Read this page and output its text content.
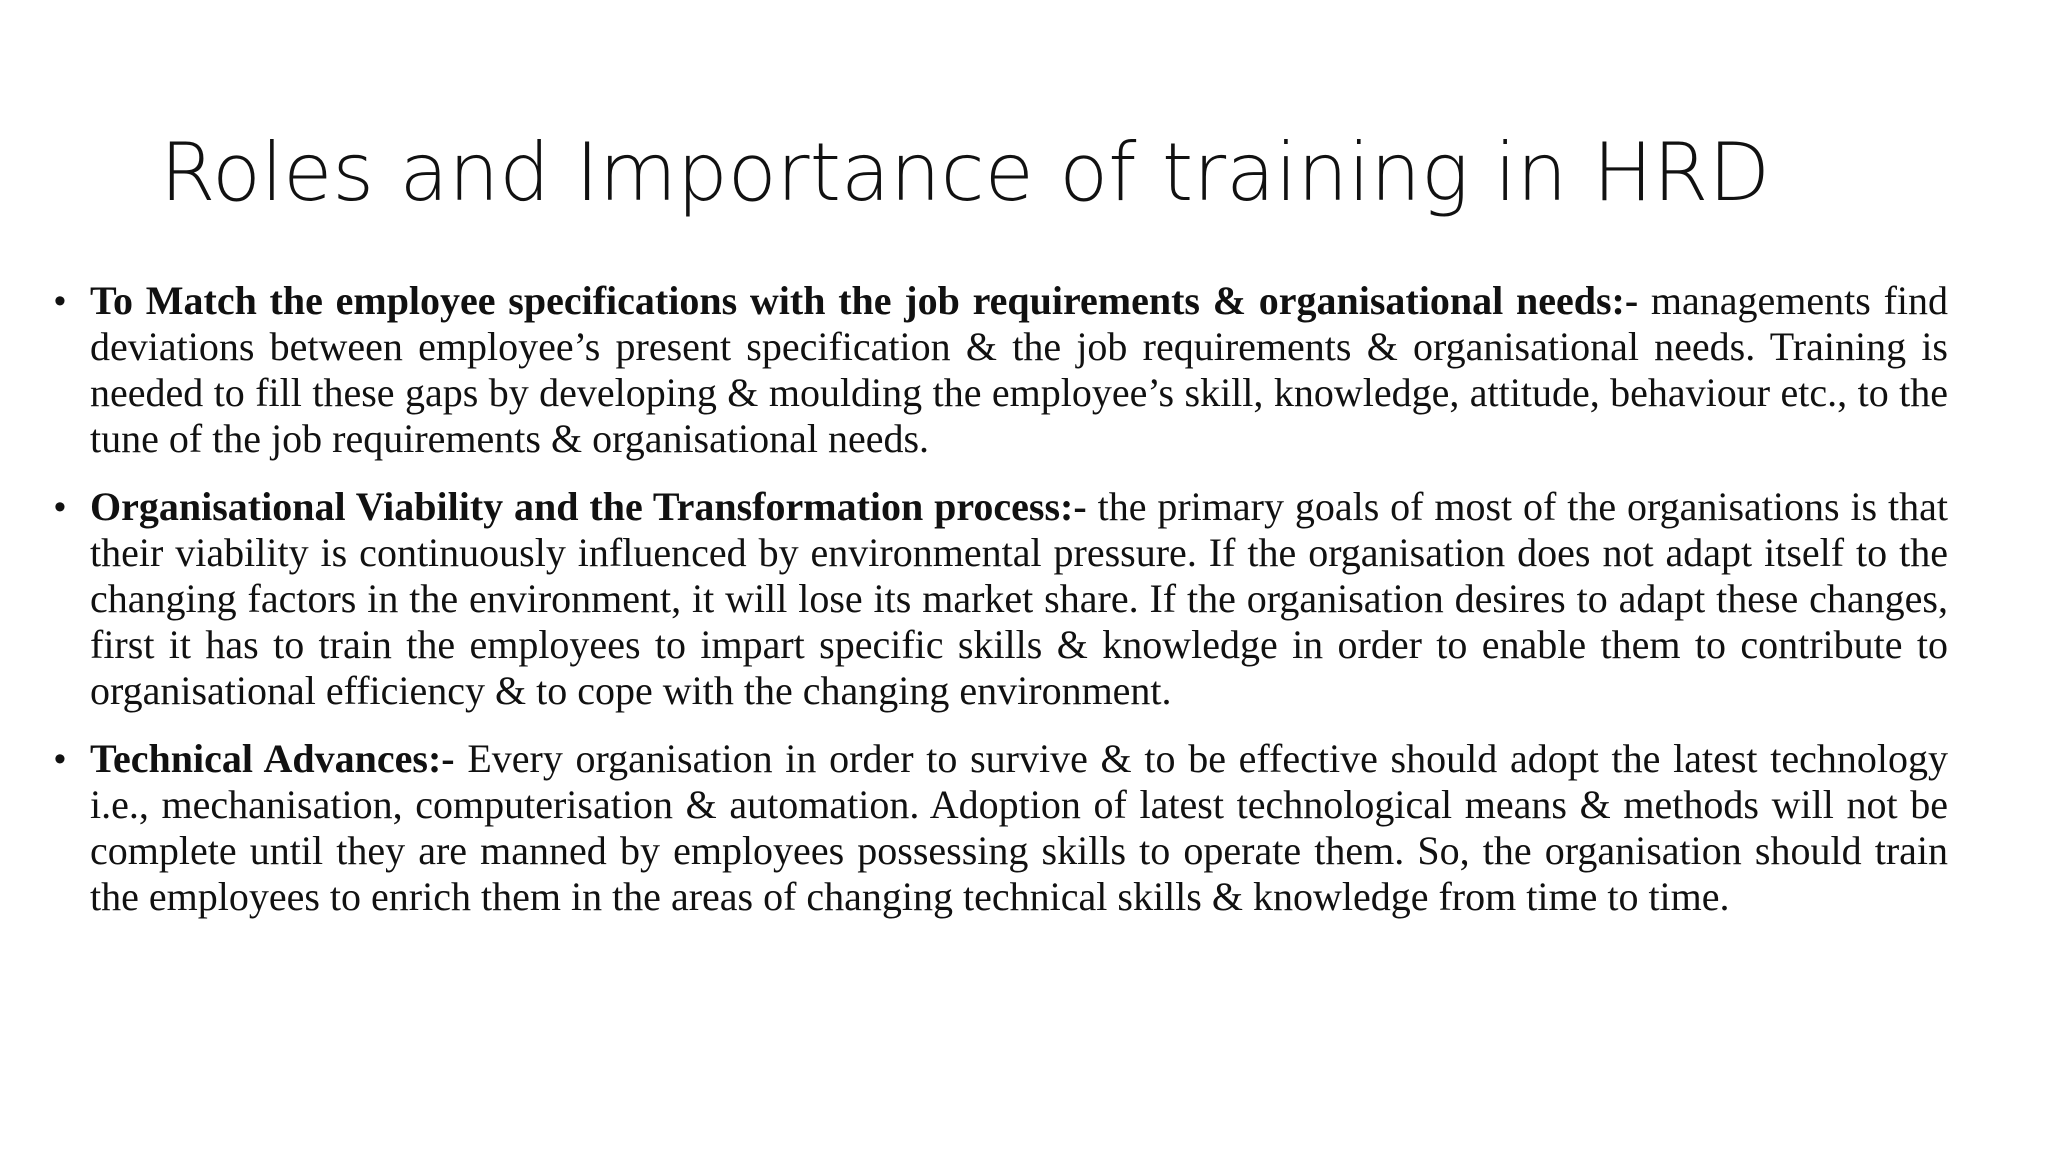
Roles and Importance of training in HRD
• To Match the employee specifications with the job requirements & organisational needs:- managements find deviations between employee’s present specification & the job requirements & organisational needs. Training is needed to fill these gaps by developing & moulding the employee’s skill, knowledge, attitude, behaviour etc., to the tune of the job requirements & organisational needs.
• Organisational Viability and the Transformation process:- the primary goals of most of the organisations is that their viability is continuously influenced by environmental pressure. If the organisation does not adapt itself to the changing factors in the environment, it will lose its market share. If the organisation desires to adapt these changes, first it has to train the employees to impart specific skills & knowledge in order to enable them to contribute to organisational efficiency & to cope with the changing environment.
• Technical Advances:- Every organisation in order to survive & to be effective should adopt the latest technology i.e., mechanisation, computerisation & automation. Adoption of latest technological means & methods will not be complete until they are manned by employees possessing skills to operate them. So, the organisation should train the employees to enrich them in the areas of changing technical skills & knowledge from time to time.
